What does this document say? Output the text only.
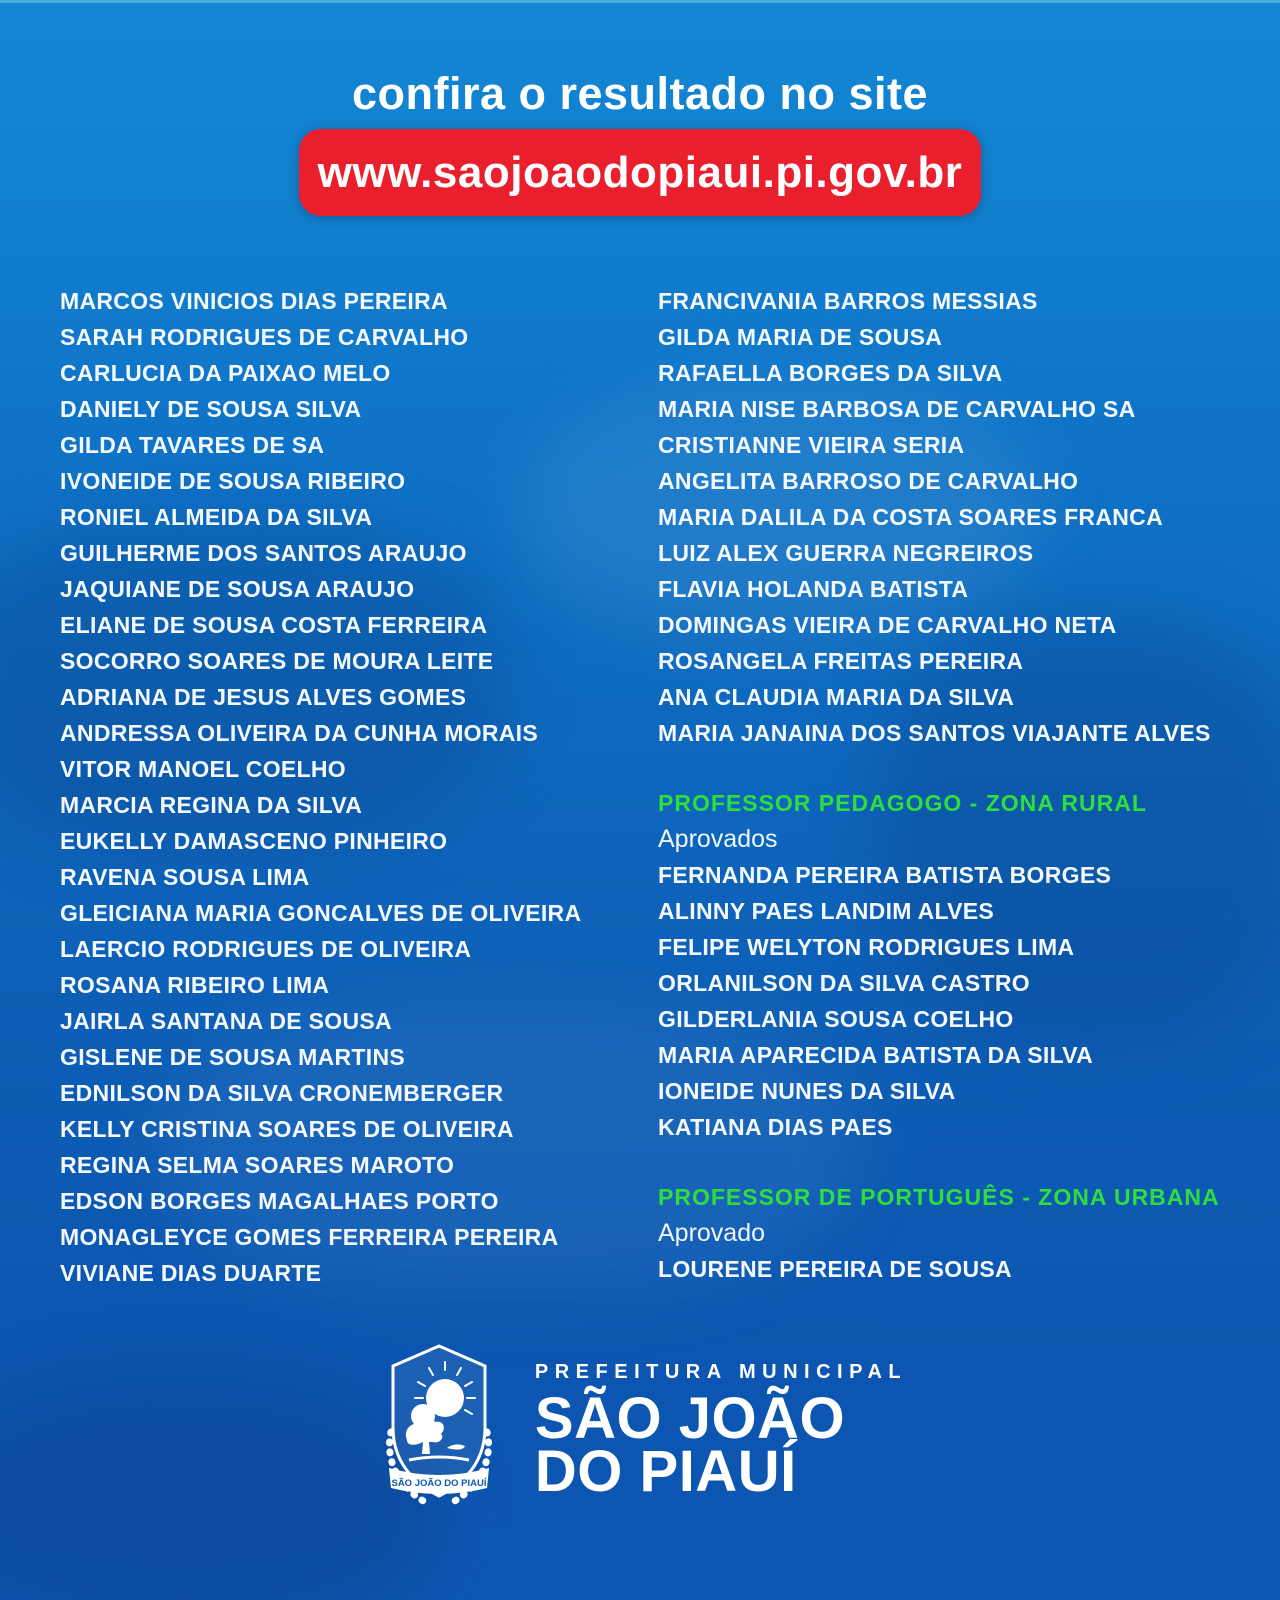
confira o resultado no site
www.saojoaodopiaui.pi.gov.br
MARCOS VINICIOS DIAS PEREIRA
SARAH RODRIGUES DE CARVALHO
CARLUCIA DA PAIXAO MELO
DANIELY DE SOUSA SILVA
GILDA TAVARES DE SA
IVONEIDE DE SOUSA RIBEIRO
RONIEL ALMEIDA DA SILVA
GUILHERME DOS SANTOS ARAUJO
JAQUIANE DE SOUSA ARAUJO
ELIANE DE SOUSA COSTA FERREIRA
SOCORRO SOARES DE MOURA LEITE
ADRIANA DE JESUS ALVES GOMES
ANDRESSA OLIVEIRA DA CUNHA MORAIS
VITOR MANOEL COELHO
MARCIA REGINA DA SILVA
EUKELLY DAMASCENO PINHEIRO
RAVENA SOUSA LIMA
GLEICIANA MARIA GONCALVES DE OLIVEIRA
LAERCIO RODRIGUES DE OLIVEIRA
ROSANA RIBEIRO LIMA
JAIRLA SANTANA DE SOUSA
GISLENE DE SOUSA MARTINS
EDNILSON DA SILVA CRONEMBERGER
KELLY CRISTINA SOARES DE OLIVEIRA
REGINA SELMA SOARES MAROTO
EDSON BORGES MAGALHAES PORTO
MONAGLEYCE GOMES FERREIRA PEREIRA
VIVIANE DIAS DUARTE
FRANCIVANIA BARROS MESSIAS
GILDA MARIA DE SOUSA
RAFAELLA BORGES DA SILVA
MARIA NISE BARBOSA DE CARVALHO SA
CRISTIANNE VIEIRA SERIA
ANGELITA BARROSO DE CARVALHO
MARIA DALILA DA COSTA SOARES FRANCA
LUIZ ALEX GUERRA NEGREIROS
FLAVIA HOLANDA BATISTA
DOMINGAS VIEIRA DE CARVALHO NETA
ROSANGELA FREITAS PEREIRA
ANA CLAUDIA MARIA DA SILVA
MARIA JANAINA DOS SANTOS VIAJANTE ALVES
PROFESSOR PEDAGOGO - ZONA RURAL
Aprovados
FERNANDA PEREIRA BATISTA BORGES
ALINNY PAES LANDIM ALVES
FELIPE WELYTON RODRIGUES LIMA
ORLANILSON DA SILVA CASTRO
GILDERLANIA SOUSA COELHO
MARIA APARECIDA BATISTA DA SILVA
IONEIDE NUNES DA SILVA
KATIANA DIAS PAES
PROFESSOR DE PORTUGUÊS - ZONA URBANA
Aprovado
LOURENE PEREIRA DE SOUSA
SÃO JOÃO DO PIAUÍ
PREFEITURA MUNICIPAL
SÃO JOÃO
DO PIAUÍ
